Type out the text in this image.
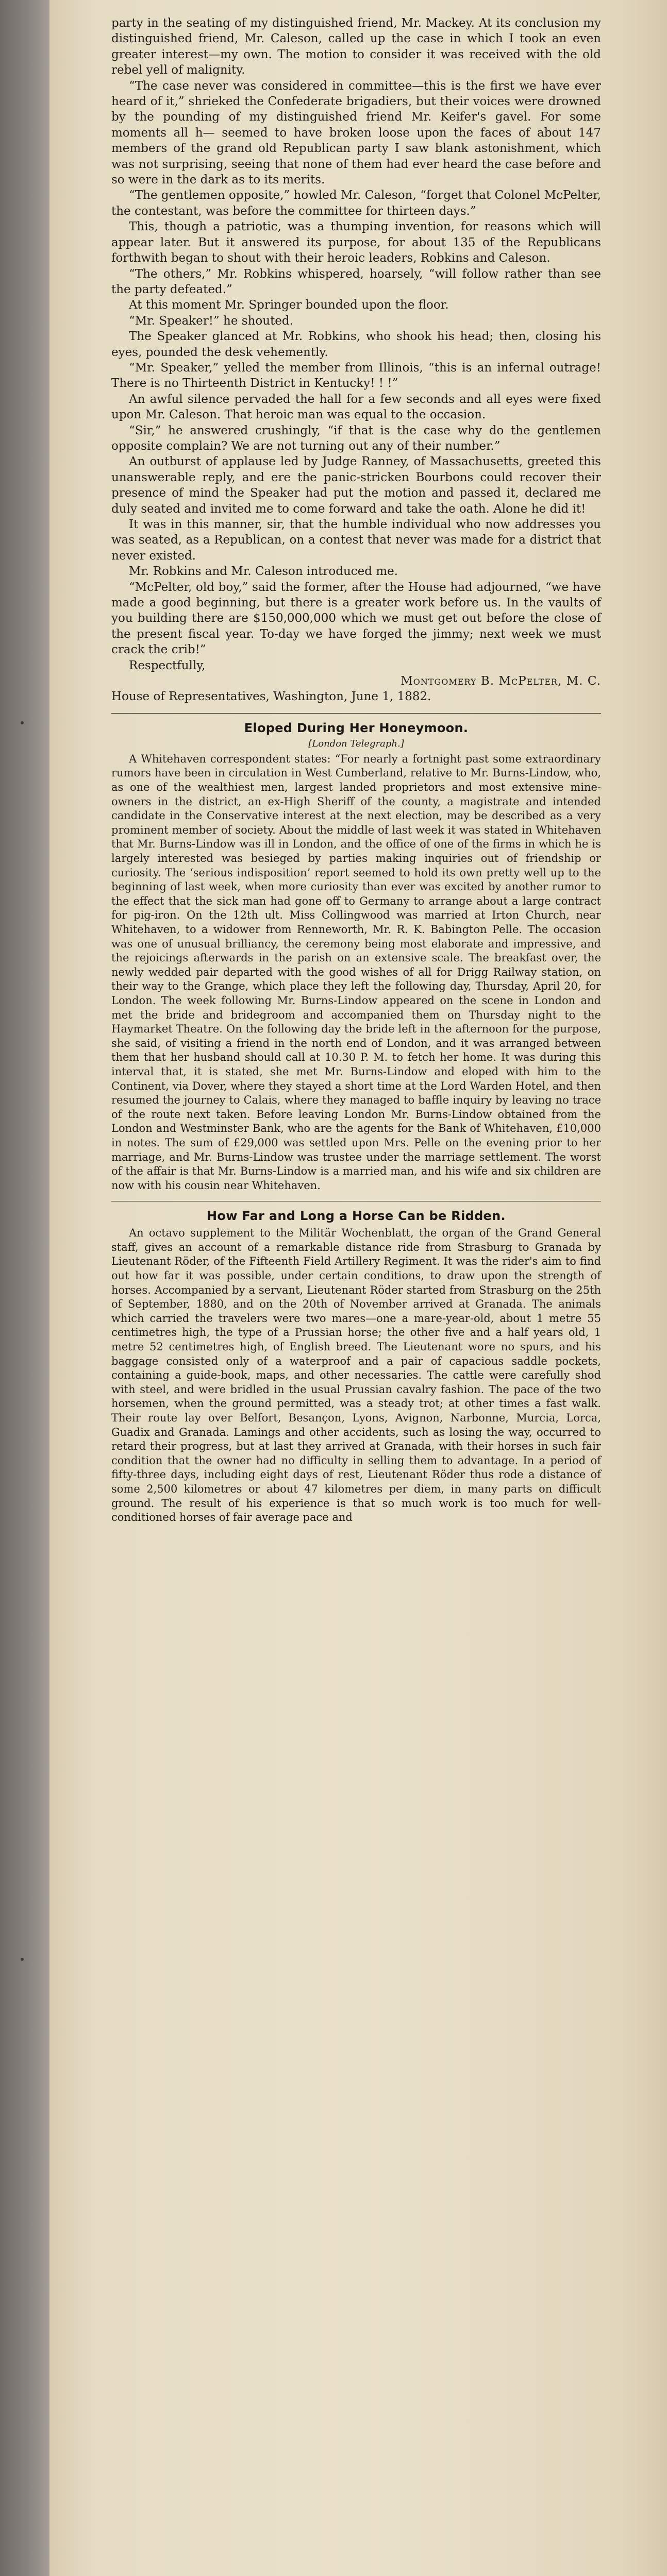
party in the seating of my distinguished friend, Mr. Mackey. At its conclusion my distinguished friend, Mr. Caleson, called up the case in which I took an even greater interest—my own. The motion to consider it was received with the old rebel yell of malignity.

“The case never was considered in committee—this is the first we have ever heard of it,” shrieked the Confederate brigadiers, but their voices were drowned by the pounding of my distinguished friend Mr. Keifer's gavel. For some moments all h— seemed to have broken loose upon the faces of about 147 members of the grand old Republican party I saw blank astonishment, which was not surprising, seeing that none of them had ever heard the case before and so were in the dark as to its merits.

“The gentlemen opposite,” howled Mr. Caleson, “forget that Colonel McPelter, the contestant, was before the committee for thirteen days.”

This, though a patriotic, was a thumping invention, for reasons which will appear later. But it answered its purpose, for about 135 of the Republicans forthwith began to shout with their heroic leaders, Robkins and Caleson.

“The others,” Mr. Robkins whispered, hoarsely, “will follow rather than see the party defeated.”

At this moment Mr. Springer bounded upon the floor.

“Mr. Speaker!” he shouted.

The Speaker glanced at Mr. Robkins, who shook his head; then, closing his eyes, pounded the desk vehemently.

“Mr. Speaker,” yelled the member from Illinois, “this is an infernal outrage! There is no Thirteenth District in Kentucky! ! !”

An awful silence pervaded the hall for a few seconds and all eyes were fixed upon Mr. Caleson. That heroic man was equal to the occasion.

“Sir,” he answered crushingly, “if that is the case why do the gentlemen opposite complain? We are not turning out any of their number.”

An outburst of applause led by Judge Ranney, of Massachusetts, greeted this unanswerable reply, and ere the panic-stricken Bourbons could recover their presence of mind the Speaker had put the motion and passed it, declared me duly seated and invited me to come forward and take the oath. Alone he did it!

It was in this manner, sir, that the humble individual who now addresses you was seated, as a Republican, on a contest that never was made for a district that never existed.

Mr. Robkins and Mr. Caleson introduced me.

“McPelter, old boy,” said the former, after the House had adjourned, “we have made a good beginning, but there is a greater work before us. In the vaults of you building there are $150,000,000 which we must get out before the close of the present fiscal year. To-day we have forged the jimmy; next week we must crack the crib!”

Respectfully,

Montgomery B. McPelter, M. C.

House of Representatives, Washington, June 1, 1882.

Eloped During Her Honeymoon.
[London Telegraph.]

A Whitehaven correspondent states: “For nearly a fortnight past some extraordinary rumors have been in circulation in West Cumberland, relative to Mr. Burns-Lindow, who, as one of the wealthiest men, largest landed proprietors and most extensive mine-owners in the district, an ex-High Sheriff of the county, a magistrate and intended candidate in the Conservative interest at the next election, may be described as a very prominent member of society. About the middle of last week it was stated in Whitehaven that Mr. Burns-Lindow was ill in London, and the office of one of the firms in which he is largely interested was besieged by parties making inquiries out of friendship or curiosity. The ‘serious indisposition’ report seemed to hold its own pretty well up to the beginning of last week, when more curiosity than ever was excited by another rumor to the effect that the sick man had gone off to Germany to arrange about a large contract for pig-iron. On the 12th ult. Miss Collingwood was married at Irton Church, near Whitehaven, to a widower from Renneworth, Mr. R. K. Babington Pelle. The occasion was one of unusual brilliancy, the ceremony being most elaborate and impressive, and the rejoicings afterwards in the parish on an extensive scale. The breakfast over, the newly wedded pair departed with the good wishes of all for Drigg Railway station, on their way to the Grange, which place they left the following day, Thursday, April 20, for London. The week following Mr. Burns-Lindow appeared on the scene in London and met the bride and bridegroom and accompanied them on Thursday night to the Haymarket Theatre. On the following day the bride left in the afternoon for the purpose, she said, of visiting a friend in the north end of London, and it was arranged between them that her husband should call at 10.30 P. M. to fetch her home. It was during this interval that, it is stated, she met Mr. Burns-Lindow and eloped with him to the Continent, via Dover, where they stayed a short time at the Lord Warden Hotel, and then resumed the journey to Calais, where they managed to baffle inquiry by leaving no trace of the route next taken. Before leaving London Mr. Burns-Lindow obtained from the London and Westminster Bank, who are the agents for the Bank of Whitehaven, £10,000 in notes. The sum of £29,000 was settled upon Mrs. Pelle on the evening prior to her marriage, and Mr. Burns-Lindow was trustee under the marriage settlement. The worst of the affair is that Mr. Burns-Lindow is a married man, and his wife and six children are now with his cousin near Whitehaven.

How Far and Long a Horse Can be Ridden.

An octavo supplement to the Militär Wochenblatt, the organ of the Grand General staff, gives an account of a remarkable distance ride from Strasburg to Granada by Lieutenant Röder, of the Fifteenth Field Artillery Regiment. It was the rider's aim to find out how far it was possible, under certain conditions, to draw upon the strength of horses. Accompanied by a servant, Lieutenant Röder started from Strasburg on the 25th of September, 1880, and on the 20th of November arrived at Granada. The animals which carried the travelers were two mares—one a mare-year-old, about 1 metre 55 centimetres high, the type of a Prussian horse; the other five and a half years old, 1 metre 52 centimetres high, of English breed. The Lieutenant wore no spurs, and his baggage consisted only of a waterproof and a pair of capacious saddle pockets, containing a guide-book, maps, and other necessaries. The cattle were carefully shod with steel, and were bridled in the usual Prussian cavalry fashion. The pace of the two horsemen, when the ground permitted, was a steady trot; at other times a fast walk. Their route lay over Belfort, Besançon, Lyons, Avignon, Narbonne, Murcia, Lorca, Guadix and Granada. Lamings and other accidents, such as losing the way, occurred to retard their progress, but at last they arrived at Granada, with their horses in such fair condition that the owner had no difficulty in selling them to advantage. In a period of fifty-three days, including eight days of rest, Lieutenant Röder thus rode a distance of some 2,500 kilometres or about 47 kilometres per diem, in many parts on difficult ground. The result of his experience is that so much work is too much for well-conditioned horses of fair average pace and
